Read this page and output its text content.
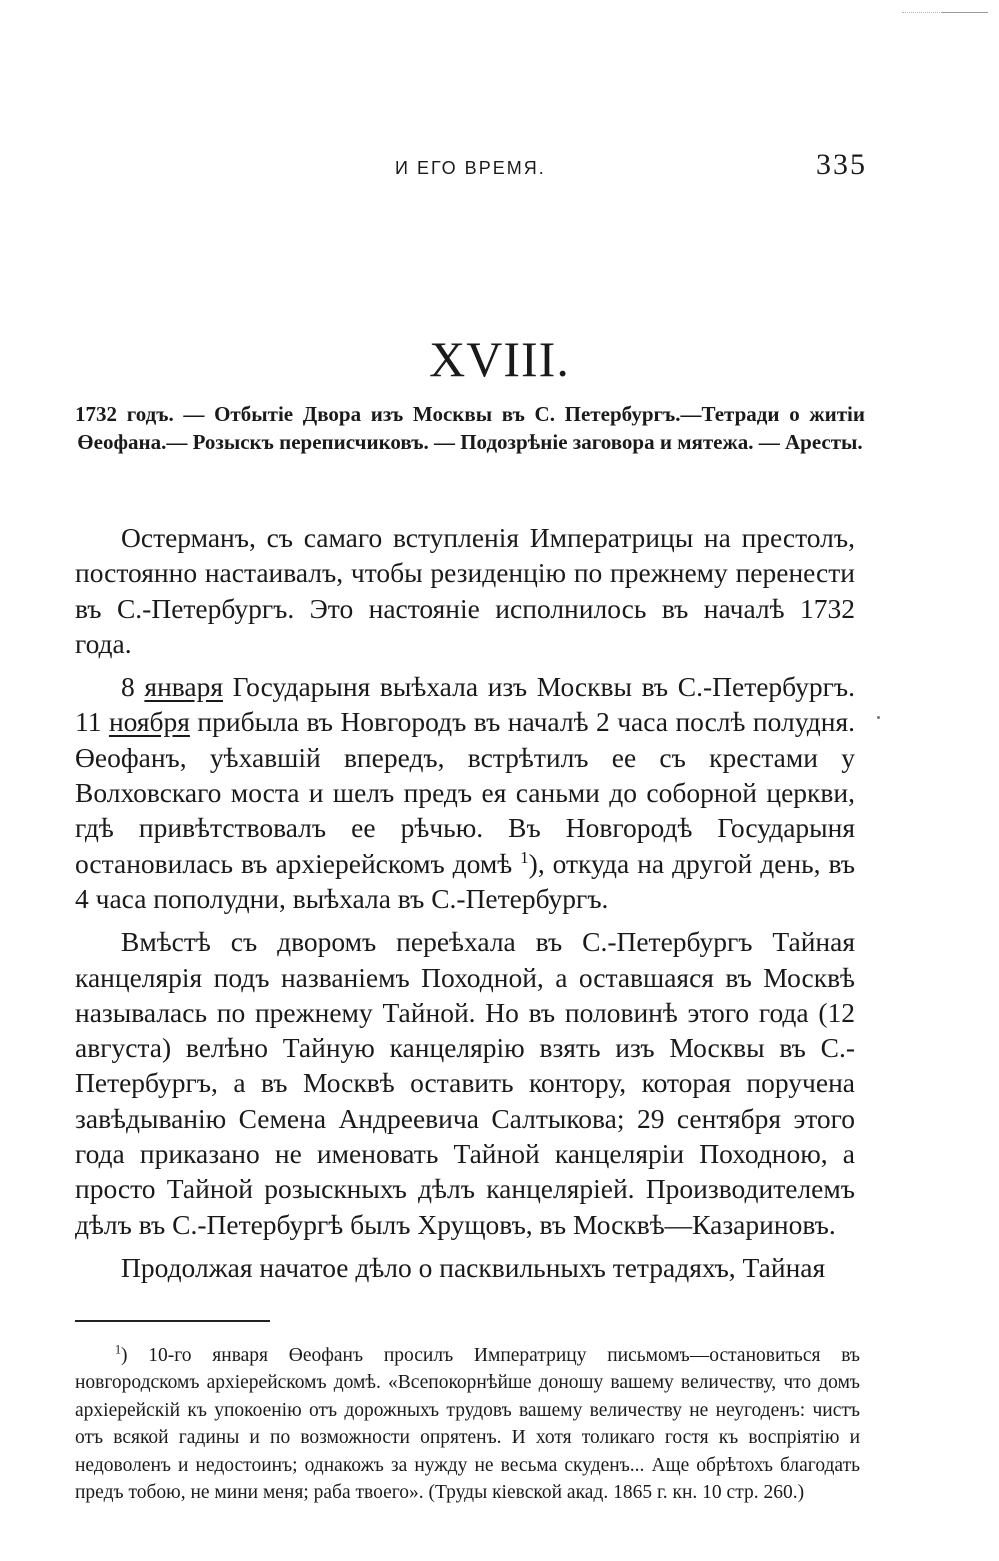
И ЕГО ВРЕМЯ.	335
XVIII.
1732 годъ. — Отбытіе Двора изъ Москвы въ С. Петербургъ.—Тетради о житіи Өеофана.— Розыскъ переписчиковъ. — Подозрѣніе заговора и мятежа. — Аресты.

Остерманъ, съ самаго вступленія Императрицы на престолъ, постоянно настаивалъ, чтобы резиденцію по прежнему перенести въ С.-Петербургъ. Это настояніе исполнилось въ началѣ 1732 года.

8 января Государыня выѣхала изъ Москвы въ С.-Петербургъ. 11 ноября прибыла въ Новгородъ въ началѣ 2 часа послѣ полудня. Өеофанъ, уѣхавшій впередъ, встрѣтилъ ее съ крестами у Волховскаго моста и шелъ предъ ея саньми до соборной церкви, гдѣ привѣтствовалъ ее рѣчью. Въ Новгородѣ Государыня остановилась въ архіерейскомъ домѣ $^1$), откуда на другой день, въ 4 часа пополудни, выѣхала въ С.-Петербургъ.

Вмѣстѣ съ дворомъ переѣхала въ С.-Петербургъ Тайная канцелярія подъ названіемъ Походной, а оставшаяся въ Москвѣ называлась по прежнему Тайной. Но въ половинѣ этого года (12 августа) велѣно Тайную канцелярію взять изъ Москвы въ С.-Петербургъ, а въ Москвѣ оставить контору, которая поручена завѣдыванію Семена Андреевича Салтыкова; 29 сентября этого года приказано не именовать Тайной канцеляріи Походною, а просто Тайной розыскныхъ дѣлъ канцеляріей. Производителемъ дѣлъ въ С.-Петербургѣ былъ Хрущовъ, въ Москвѣ—Казариновъ.

Продолжая начатое дѣло о пасквильныхъ тетрадяхъ, Тайная

$^1$) 10-го января Өеофанъ просилъ Императрицу письмомъ—остановиться въ новгородскомъ архіерейскомъ домѣ. «Всепокорнѣйше доношу вашему величеству, что домъ архіерейскій къ упокоенію отъ дорожныхъ трудовъ вашему величеству не неугоденъ: чистъ отъ всякой гадины и по возможности опрятенъ. И хотя толикаго гостя къ воспріятію и недоволенъ и недостоинъ; однакожъ за нужду не весьма скуденъ... Аще обрѣтохъ благодать предъ тобою, не мини меня; раба твоего». (Труды кіевской акад. 1865 г. кн. 10 стр. 260.)
